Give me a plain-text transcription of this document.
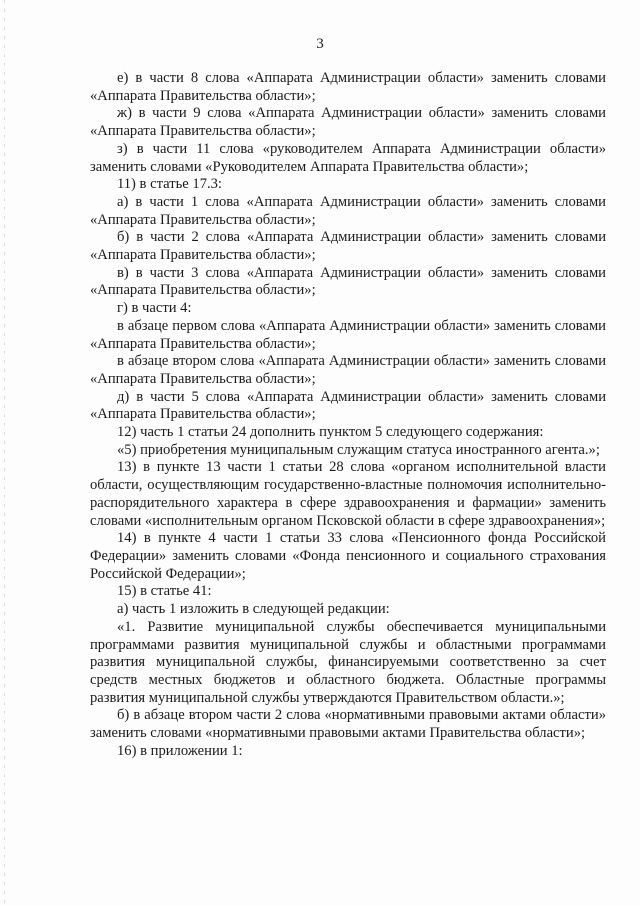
3

е) в части 8 слова «Аппарата Администрации области» заменить словами «Аппарата Правительства области»;

ж) в части 9 слова «Аппарата Администрации области» заменить словами «Аппарата Правительства области»;

з) в части 11 слова «руководителем Аппарата Администрации области» заменить словами «Руководителем Аппарата Правительства области»;

11) в статье 17.3:

а) в части 1 слова «Аппарата Администрации области» заменить словами «Аппарата Правительства области»;

б) в части 2 слова «Аппарата Администрации области» заменить словами «Аппарата Правительства области»;

в) в части 3 слова «Аппарата Администрации области» заменить словами «Аппарата Правительства области»;

г) в части 4:

в абзаце первом слова «Аппарата Администрации области» заменить словами «Аппарата Правительства области»;

в абзаце втором слова «Аппарата Администрации области» заменить словами «Аппарата Правительства области»;

д) в части 5 слова «Аппарата Администрации области» заменить словами «Аппарата Правительства области»;

12) часть 1 статьи 24 дополнить пунктом 5 следующего содержания:

«5) приобретения муниципальным служащим статуса иностранного агента.»;

13) в пункте 13 части 1 статьи 28 слова «органом исполнительной власти области, осуществляющим государственно-властные полномочия исполнительно-распорядительного характера в сфере здравоохранения и фармации» заменить словами «исполнительным органом Псковской области в сфере здравоохранения»;

14) в пункте 4 части 1 статьи 33 слова «Пенсионного фонда Российской Федерации» заменить словами «Фонда пенсионного и социального страхования Российской Федерации»;

15) в статье 41:

а) часть 1 изложить в следующей редакции:

«1. Развитие муниципальной службы обеспечивается муниципальными программами развития муниципальной службы и областными программами развития муниципальной службы, финансируемыми соответственно за счет средств местных бюджетов и областного бюджета. Областные программы развития муниципальной службы утверждаются Правительством области.»;

б) в абзаце втором части 2 слова «нормативными правовыми актами области» заменить словами «нормативными правовыми актами Правительства области»;

16) в приложении 1:
